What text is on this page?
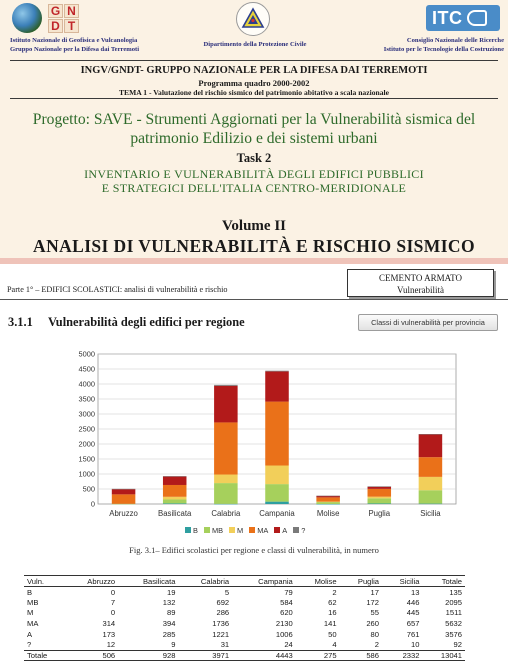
G N
D T
Istituto Nazionale di Geofisica e Vulcanologia
Gruppo Nazionale per la Difesa dai Terremoti
Dipartimento della Protezione Civile
ITC
Consiglio Nazionale delle Ricerche
Istituto per le Tecnologie della Costruzione
INGV/GNDT- GRUPPO NAZIONALE PER LA DIFESA DAI TERREMOTI
Programma quadro 2000-2002
TEMA 1 - Valutazione del rischio sismico del patrimonio abitativo a scala nazionale
Progetto: SAVE - Strumenti Aggiornati per la Vulnerabilità sismica del
patrimonio Edilizio e dei sistemi urbani
Task 2
INVENTARIO E VULNERABILITÀ DEGLI EDIFICI PUBBLICI
E STRATEGICI DELL'ITALIA CENTRO-MERIDIONALE
Volume II
ANALISI DI VULNERABILITÀ E RISCHIO SISMICO
Parte 1° – EDIFICI SCOLASTICI: analisi di vulnerabilità e rischio
CEMENTO ARMATO
Vulnerabilità
3.1.1 Vulnerabilità degli edifici per regione	Classi di vulnerabilità per provincia
0
500
1000
1500
2000
2500
3000
3500
4000
4500
5000
Abruzzo	Basilicata	Calabria Campania	Molise	Puglia	Sicilia
B MB M MA A ?
Fig. 3.1– Edifici scolastici per regione e classi di vulnerabilità, in numero
Vuln.	Abruzzo	Basilicata	Calabria	Campania	Molise	Puglia	Sicilia	Totale
B	0	19	5	79	2	17	13	135
MB	7	132	692	584	62	172	446	2095
M	0	89	286	620	16	55	445	1511
MA	314	394	1736	2130	141	260	657	5632
A	173	285	1221	1006	50	80	761	3576
?	12	9	31	24	4	2	10	92
Totale	506	928	3971	4443	275	586	2332	13041
